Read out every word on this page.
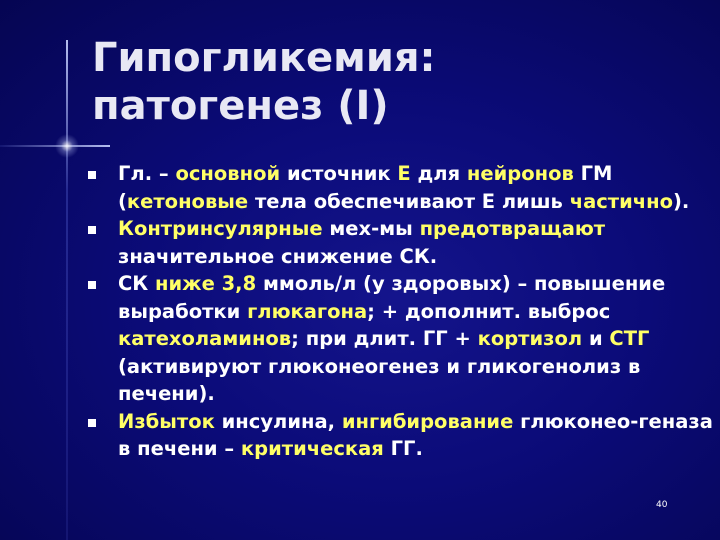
Гипогликемия:
патогенез (I)
Гл. – основной источник Е для нейронов ГМ (кетоновые тела обеспечивают Е лишь частично).
Контринсулярные мех-мы предотвращают значительное снижение СК.
СК ниже 3,8 ммоль/л (у здоровых) – повышение выработки глюкагона; + дополнит. выброс катехоламинов; при длит. ГГ + кортизол и СТГ (активируют глюконеогенез и гликогенолиз в печени).
Избыток инсулина, ингибирование глюконео-геназа в печени – критическая ГГ.
40
